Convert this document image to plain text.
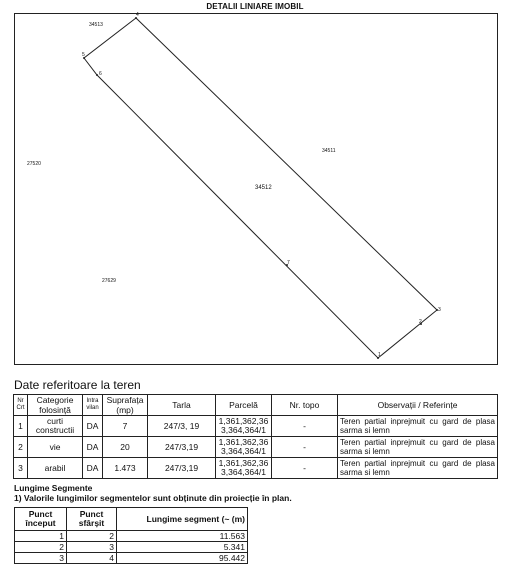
DETALII LINIARE IMOBIL
34513
34511
27520
34512
27629
4
5
6
7
1
2
3
Date referitoare la teren
Nr Crt	Categorie folosință	Intra vilan	Suprafața (mp)	Tarla	Parcelă	Nr. topo	Observații / Referințe
1	curti constructii	DA	7	247/3, 19	1,361,362,36 3,364,364/1	-	Teren partial inprejmuit cu gard de plasa sarma si lemn
2	vie	DA	20	247/3,19	1,361,362,36 3,364,364/1	-	Teren partial inprejmuit cu gard de plasa sarma si lemn
3	arabil	DA	1.473	247/3,19	1,361,362,36 3,364,364/1	-	Teren partial inprejmuit cu gard de plasa sarma si lemn
Lungime Segmente
1) Valorile lungimilor segmentelor sunt obținute din proiecție în plan.
Punct început	Punct sfârșit	Lungime segment (~ (m)
1	2	11.563
2	3	5.341
3	4	95.442
